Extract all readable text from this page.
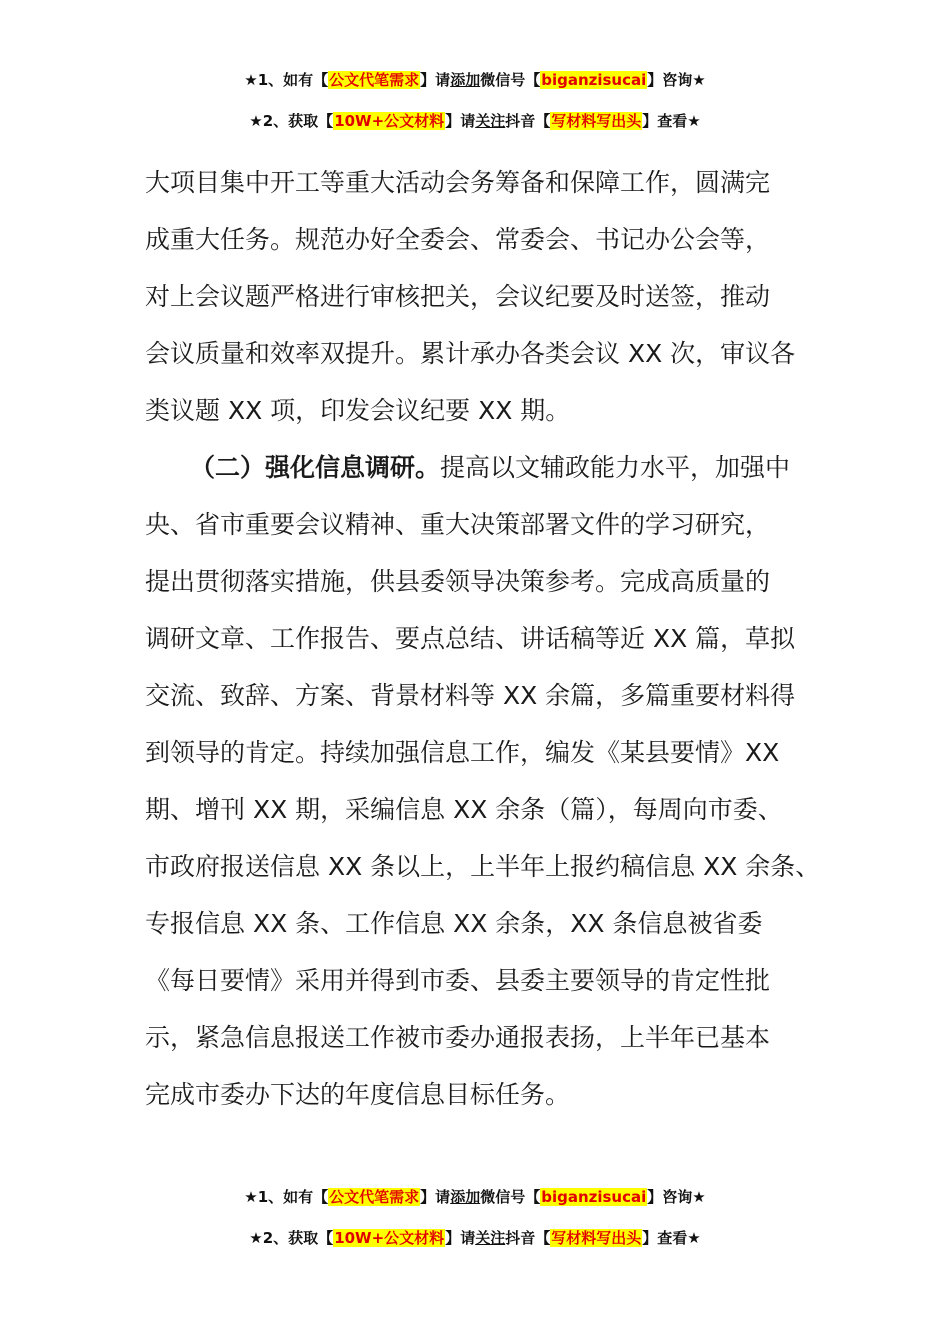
★1、如有【公文代笔需求】请添加微信号【biganzisucai】咨询★
★2、获取【10W+公文材料】请关注抖音【写材料写出头】查看★
大项目集中开工等重大活动会务筹备和保障工作，圆满完
成重大任务。规范办好全委会、常委会、书记办公会等，
对上会议题严格进行审核把关，会议纪要及时送签，推动
会议质量和效率双提升。累计承办各类会议 XX 次，审议各
类议题 XX 项，印发会议纪要 XX 期。
（二）强化信息调研。提高以文辅政能力水平，加强中
央、省市重要会议精神、重大决策部署文件的学习研究，
提出贯彻落实措施，供县委领导决策参考。完成高质量的
调研文章、工作报告、要点总结、讲话稿等近 XX 篇，草拟
交流、致辞、方案、背景材料等 XX 余篇，多篇重要材料得
到领导的肯定。持续加强信息工作，编发《某县要情》XX
期、增刊 XX 期，采编信息 XX 余条（篇），每周向市委、
市政府报送信息 XX 条以上，上半年上报约稿信息 XX 余条、
专报信息 XX 条、工作信息 XX 余条，XX 条信息被省委
《每日要情》采用并得到市委、县委主要领导的肯定性批
示，紧急信息报送工作被市委办通报表扬，上半年已基本
完成市委办下达的年度信息目标任务。
★1、如有【公文代笔需求】请添加微信号【biganzisucai】咨询★
★2、获取【10W+公文材料】请关注抖音【写材料写出头】查看★
